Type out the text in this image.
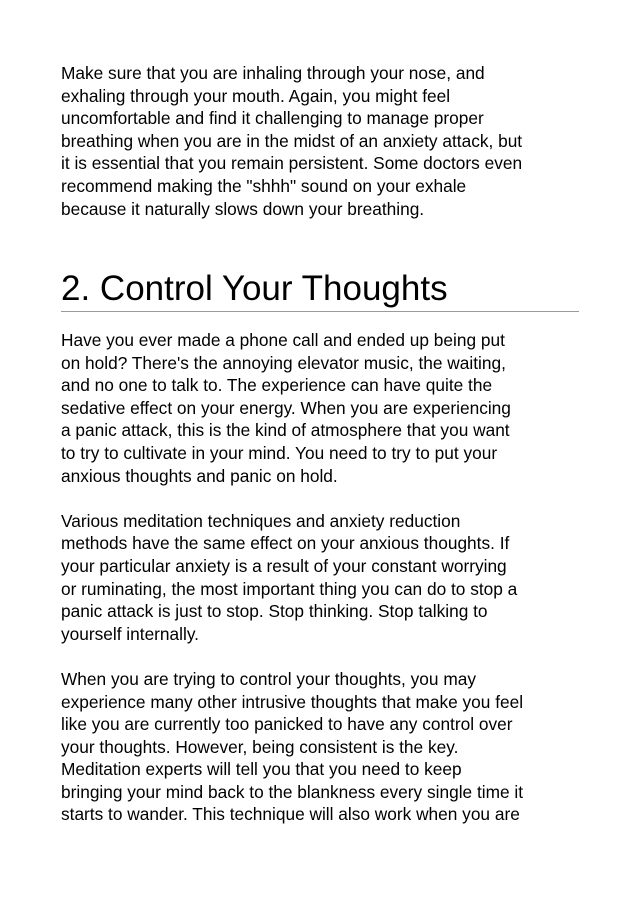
Make sure that you are inhaling through your nose, and
exhaling through your mouth. Again, you might feel
uncomfortable and find it challenging to manage proper
breathing when you are in the midst of an anxiety attack, but
it is essential that you remain persistent. Some doctors even
recommend making the "shhh" sound on your exhale
because it naturally slows down your breathing.
2. Control Your Thoughts
Have you ever made a phone call and ended up being put
on hold? There's the annoying elevator music, the waiting,
and no one to talk to. The experience can have quite the
sedative effect on your energy. When you are experiencing
a panic attack, this is the kind of atmosphere that you want
to try to cultivate in your mind. You need to try to put your
anxious thoughts and panic on hold.
Various meditation techniques and anxiety reduction
methods have the same effect on your anxious thoughts. If
your particular anxiety is a result of your constant worrying
or ruminating, the most important thing you can do to stop a
panic attack is just to stop. Stop thinking. Stop talking to
yourself internally.
When you are trying to control your thoughts, you may
experience many other intrusive thoughts that make you feel
like you are currently too panicked to have any control over
your thoughts. However, being consistent is the key.
Meditation experts will tell you that you need to keep
bringing your mind back to the blankness every single time it
starts to wander. This technique will also work when you are
